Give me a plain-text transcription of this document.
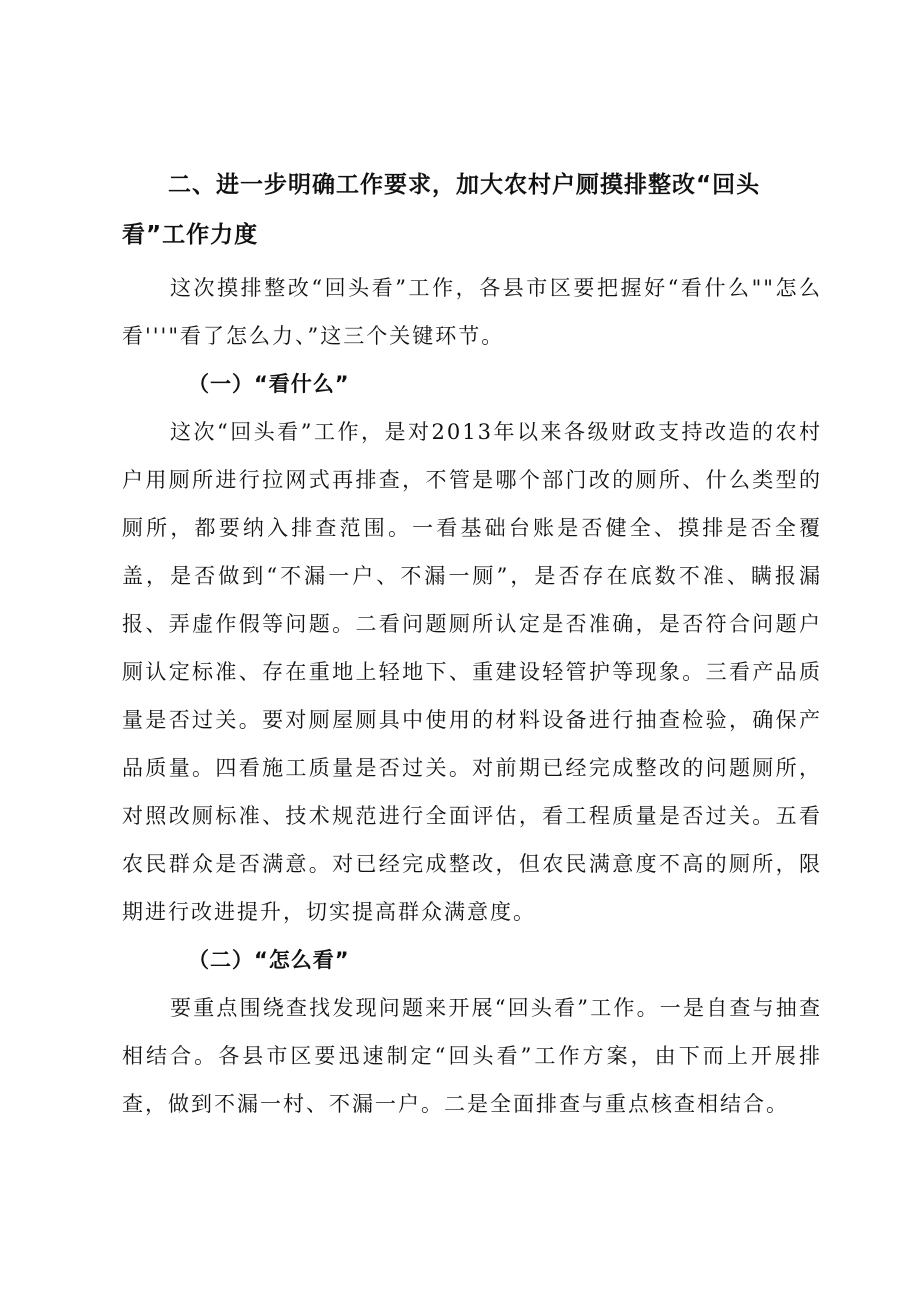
二、进一步明确工作要求，加大农村户厕摸排整改“回头看”工作力度

这次摸排整改“回头看”工作，各县市区要把握好“看什么""怎么看'''"看了怎么力、”这三个关键环节。

（一）“看什么”

这次“回头看”工作，是对2013年以来各级财政支持改造的农村户用厕所进行拉网式再排查，不管是哪个部门改的厕所、什么类型的厕所，都要纳入排查范围。一看基础台账是否健全、摸排是否全覆盖，是否做到“不漏一户、不漏一厕”，是否存在底数不准、瞒报漏报、弄虚作假等问题。二看问题厕所认定是否准确，是否符合问题户厕认定标准、存在重地上轻地下、重建设轻管护等现象。三看产品质量是否过关。要对厕屋厕具中使用的材料设备进行抽查检验，确保产品质量。四看施工质量是否过关。对前期已经完成整改的问题厕所，对照改厕标准、技术规范进行全面评估，看工程质量是否过关。五看农民群众是否满意。对已经完成整改，但农民满意度不高的厕所，限期进行改进提升，切实提高群众满意度。

（二）“怎么看”

要重点围绕查找发现问题来开展“回头看”工作。一是自查与抽查相结合。各县市区要迅速制定“回头看”工作方案，由下而上开展排查，做到不漏一村、不漏一户。二是全面排查与重点核查相结合。
